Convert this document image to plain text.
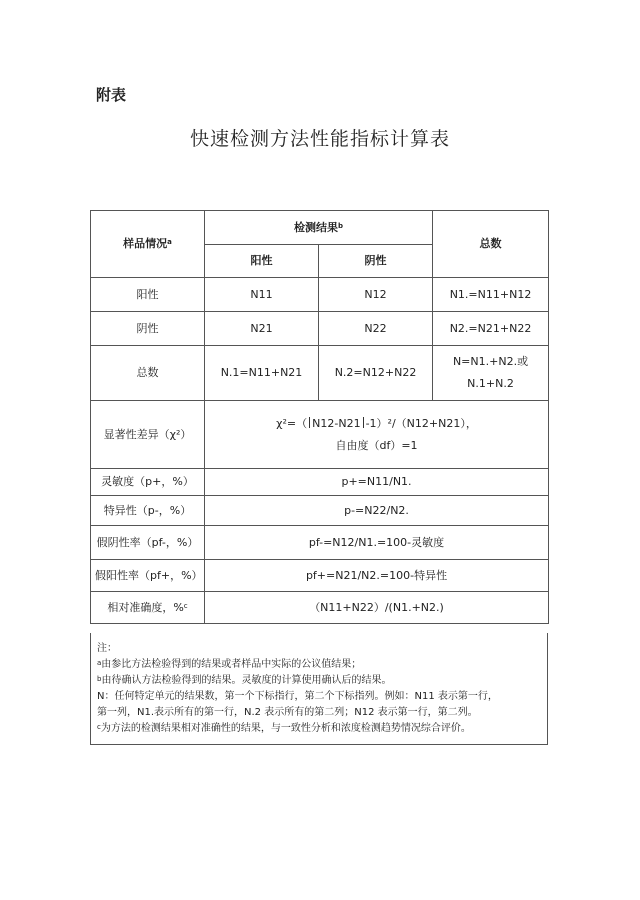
附表
快速检测方法性能指标计算表
样品情况$^a$	检测结果$^b$		总数
	阳性	阴性	
阳性	N11	N12	N1.=N11+N12
阴性	N21	N22	N2.=N21+N22
总数	N.1=N11+N21	N.2=N12+N22	N=N1.+N2.或
N.1+N.2

显著性差异（χ²）	χ²=（ N12-N21 -1）²/（N12+N21），
自由度（df）=1		

灵敏度（p+，%）	p+=N11/N1.		
特异性（p-，%）	p-=N22/N2.		
假阴性率（pf-，%）	pf-=N12/N1.=100-灵敏度		
假阳性率（pf+，%）	pf+=N21/N2.=100-特异性		
相对准确度，%$^c$	（N11+N22）/(N1.+N2.)		
注：
$^a$由参比方法检验得到的结果或者样品中实际的公议值结果；
$^b$由待确认方法检验得到的结果。灵敏度的计算使用确认后的结果。
N：任何特定单元的结果数，第一个下标指行，第二个下标指列。例如：N11 表示第一行，
第一列，N1.表示所有的第一行，N.2 表示所有的第二列；N12 表示第一行，第二列。
$^c$为方法的检测结果相对准确性的结果，与一致性分析和浓度检测趋势情况综合评价。
